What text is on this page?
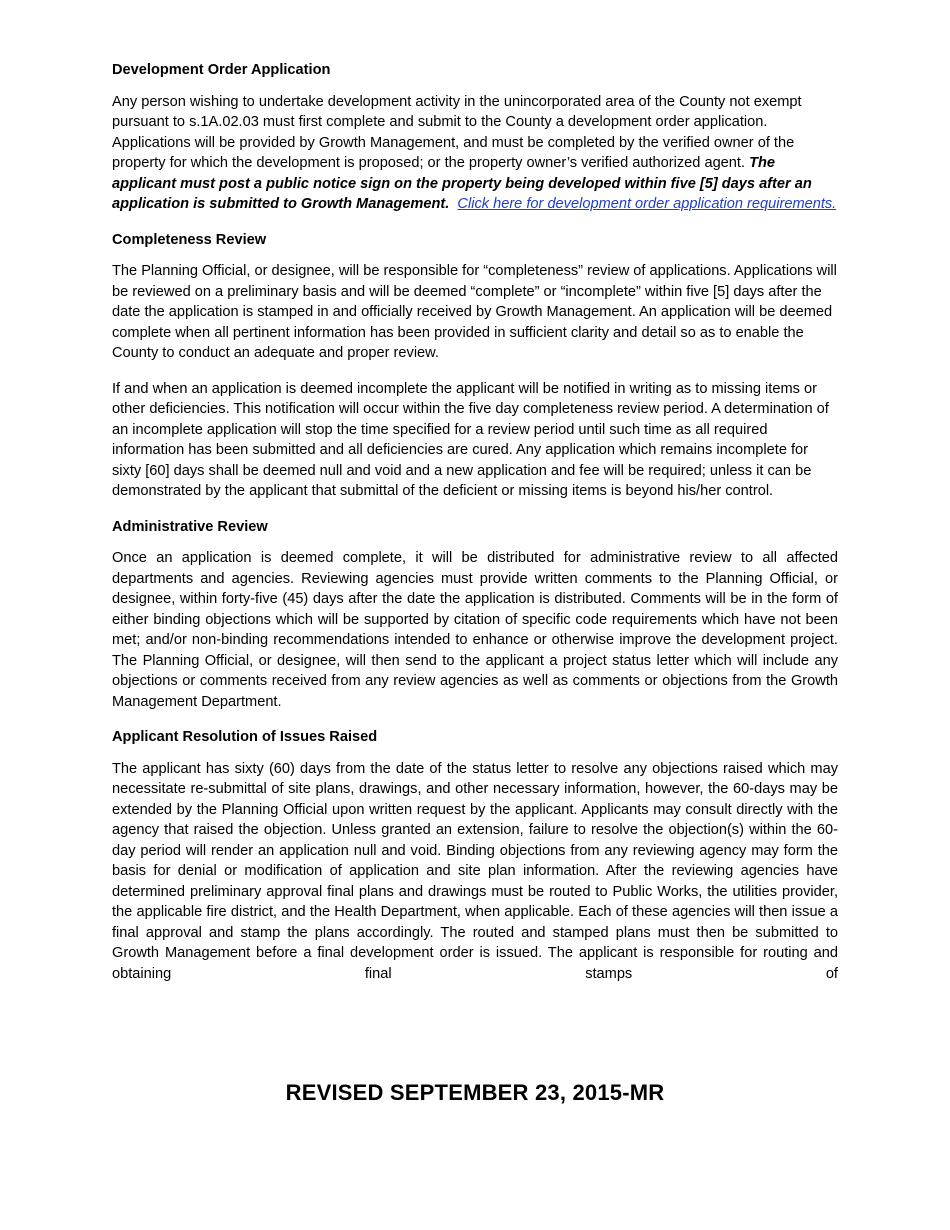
Development Order Application

Any person wishing to undertake development activity in the unincorporated area of the County not exempt pursuant to s.1A.02.03 must first complete and submit to the County a development order application. Applications will be provided by Growth Management, and must be completed by the verified owner of the property for which the development is proposed; or the property owner’s verified authorized agent. The applicant must post a public notice sign on the property being developed within five [5] days after an application is submitted to Growth Management. Click here for development order application requirements.

Completeness Review

The Planning Official, or designee, will be responsible for “completeness” review of applications. Applications will be reviewed on a preliminary basis and will be deemed “complete” or “incomplete” within five [5] days after the date the application is stamped in and officially received by Growth Management. An application will be deemed complete when all pertinent information has been provided in sufficient clarity and detail so as to enable the County to conduct an adequate and proper review.

If and when an application is deemed incomplete the applicant will be notified in writing as to missing items or other deficiencies. This notification will occur within the five day completeness review period. A determination of an incomplete application will stop the time specified for a review period until such time as all required information has been submitted and all deficiencies are cured. Any application which remains incomplete for sixty [60] days shall be deemed null and void and a new application and fee will be required; unless it can be demonstrated by the applicant that submittal of the deficient or missing items is beyond his/her control.

Administrative Review

Once an application is deemed complete, it will be distributed for administrative review to all affected departments and agencies. Reviewing agencies must provide written comments to the Planning Official, or designee, within forty-five (45) days after the date the application is distributed. Comments will be in the form of either binding objections which will be supported by citation of specific code requirements which have not been met; and/or non-binding recommendations intended to enhance or otherwise improve the development project. The Planning Official, or designee, will then send to the applicant a project status letter which will include any objections or comments received from any review agencies as well as comments or objections from the Growth Management Department.

Applicant Resolution of Issues Raised

The applicant has sixty (60) days from the date of the status letter to resolve any objections raised which may necessitate re-submittal of site plans, drawings, and other necessary information, however, the 60-days may be extended by the Planning Official upon written request by the applicant. Applicants may consult directly with the agency that raised the objection. Unless granted an extension, failure to resolve the objection(s) within the 60-day period will render an application null and void. Binding objections from any reviewing agency may form the basis for denial or modification of application and site plan information. After the reviewing agencies have determined preliminary approval final plans and drawings must be routed to Public Works, the utilities provider, the applicable fire district, and the Health Department, when applicable. Each of these agencies will then issue a final approval and stamp the plans accordingly. The routed and stamped plans must then be submitted to Growth Management before a final development order is issued. The applicant is responsible for routing and obtaining final stamps of

REVISED SEPTEMBER 23, 2015-MR
